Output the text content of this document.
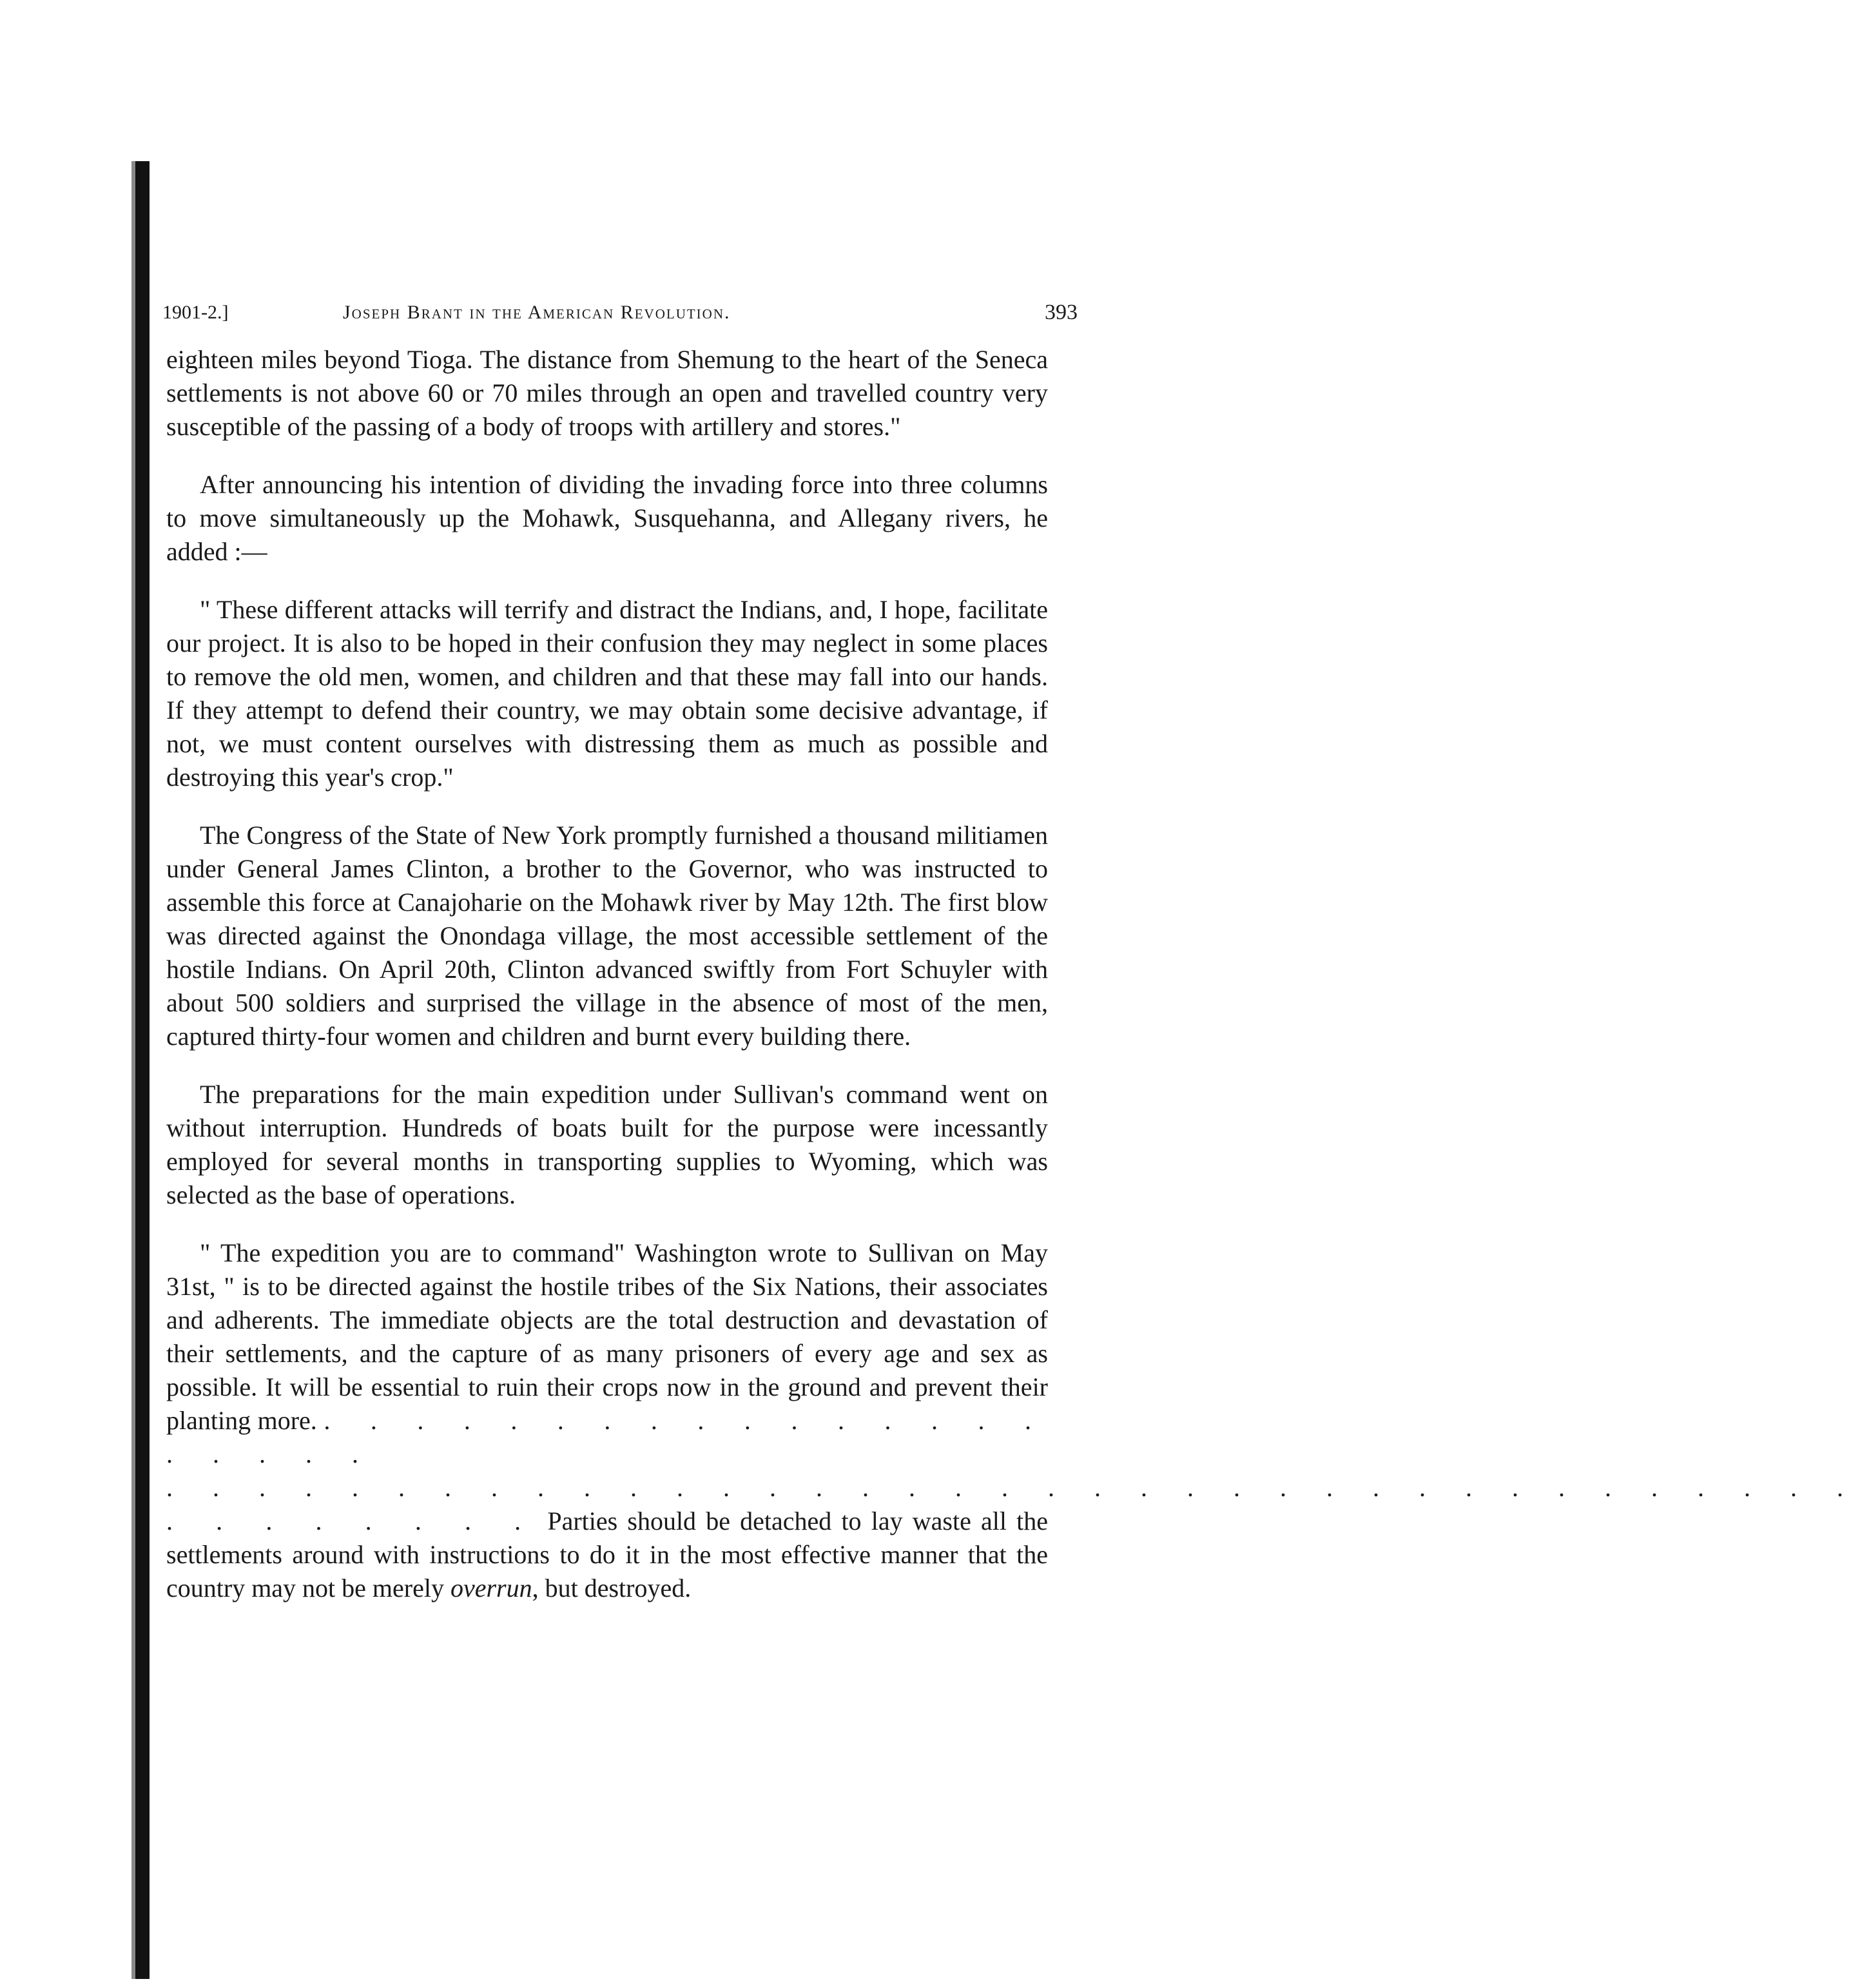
1901-2.]	Joseph Brant in the American Revolution.	393

eighteen miles beyond Tioga. The distance from Shemung to the heart of the Seneca settlements is not above 60 or 70 miles through an open and travelled country very susceptible of the passing of a body of troops with artillery and stores."

After announcing his intention of dividing the invading force into three columns to move simultaneously up the Mohawk, Susquehanna, and Allegany rivers, he added :—

" These different attacks will terrify and distract the Indians, and, I hope, facilitate our project. It is also to be hoped in their confusion they may neglect in some places to remove the old men, women, and children and that these may fall into our hands. If they attempt to defend their country, we may obtain some decisive advantage, if not, we must content ourselves with distressing them as much as possible and destroying this year's crop."

The Congress of the State of New York promptly furnished a thousand militiamen under General James Clinton, a brother to the Governor, who was instructed to assemble this force at Canajoharie on the Mohawk river by May 12th. The first blow was directed against the Onondaga village, the most accessible settlement of the hostile Indians. On April 20th, Clinton advanced swiftly from Fort Schuyler with about 500 soldiers and surprised the village in the absence of most of the men, captured thirty-four women and children and burnt every building there.

The preparations for the main expedition under Sullivan's command went on without interruption. Hundreds of boats built for the purpose were incessantly employed for several months in transporting supplies to Wyoming, which was selected as the base of operations.

" The expedition you are to command" Washington wrote to Sullivan on May 31st, " is to be directed against the hostile tribes of the Six Nations, their associates and adherents. The immediate objects are the total destruction and devastation of their settlements, and the capture of as many prisoners of every age and sex as possible. It will be essential to ruin their crops now in the ground and prevent their planting more. . . . . . . . . . . . . . . . . . . . . .

. . . . . . . . . . . . . . . . . . . . . . . . . . . . . . . . . . . . .

. . . . . . . . Parties should be detached to lay waste all the settlements around with instructions to do it in the most effective manner that the country may not be merely overrun, but destroyed.
